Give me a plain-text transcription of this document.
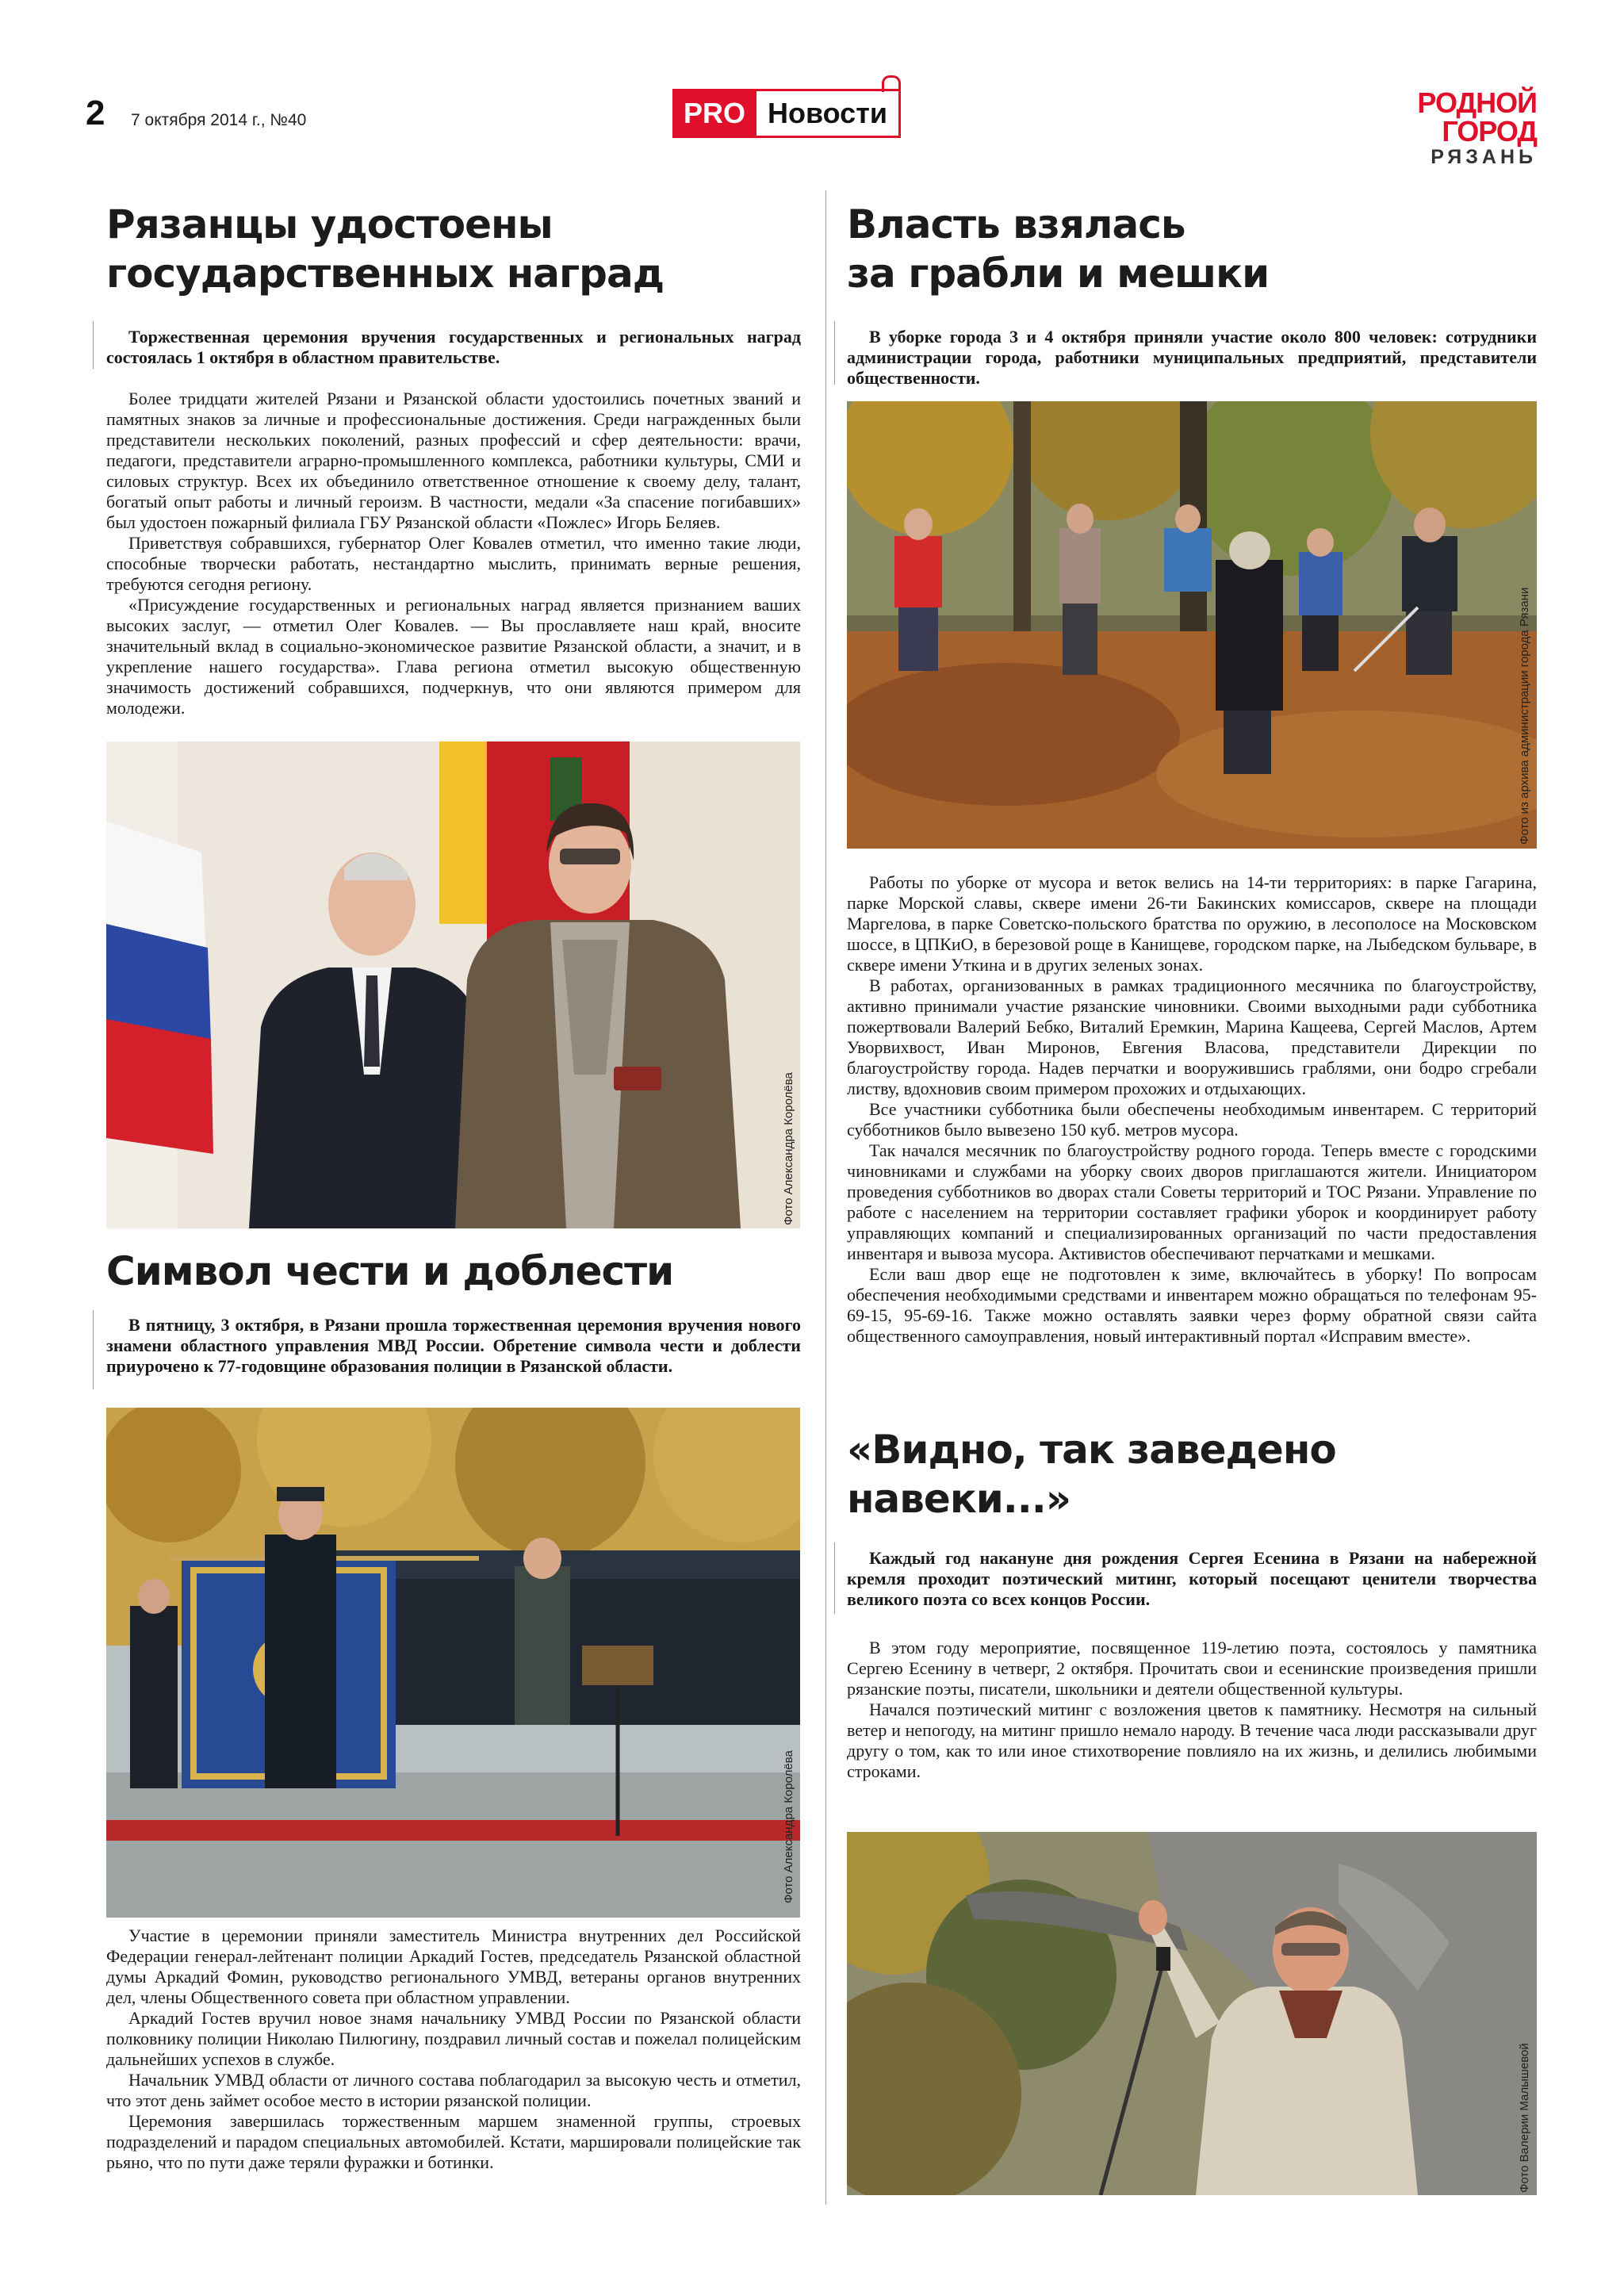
2 7 октября 2014 г., №40	PRO Новости	РОДНОЙ
ГОРОД
РЯЗАНЬ
Рязанцы удостоены
государственных наград

Торжественная церемония вручения государственных и региональных наград состоялась 1 октября в областном правительстве.

Более тридцати жителей Рязани и Рязанской области удостоились почетных званий и памятных знаков за личные и профессиональные достижения. Среди награжденных были представители нескольких поколений, разных профессий и сфер деятельности: врачи, педагоги, представители аграрно-промышленного комплекса, работники культуры, СМИ и силовых структур. Всех их объединило ответственное отношение к своему делу, талант, богатый опыт работы и личный героизм. В частности, медали «За спасение погибавших» был удостоен пожарный филиала ГБУ Рязанской области «Пожлес» Игорь Беляев.

Приветствуя собравшихся, губернатор Олег Ковалев отметил, что именно такие люди, способные творчески работать, нестандартно мыслить, принимать верные решения, требуются сегодня региону.

«Присуждение государственных и региональных наград является признанием ваших высоких заслуг, — отметил Олег Ковалев. — Вы прославляете наш край, вносите значительный вклад в социально-экономическое развитие Рязанской области, а значит, и в укрепление нашего государства». Глава региона отметил высокую общественную значимость достижений собравшихся, подчеркнув, что они являются примером для молодежи.

Фото Александра Королёва
Символ чести и доблести

В пятницу, 3 октября, в Рязани прошла торжественная церемония вручения нового знамени областного управления МВД России. Обретение символа чести и доблести приурочено к 77-годовщине образования полиции в Рязанской области.

Фото Александра Королёва

Участие в церемонии приняли заместитель Министра внутренних дел Российской Федерации генерал-лейтенант полиции Аркадий Гостев, председатель Рязанской областной думы Аркадий Фомин, руководство регионального УМВД, ветераны органов внутренних дел, члены Общественного совета при областном управлении.

Аркадий Гостев вручил новое знамя начальнику УМВД России по Рязанской области полковнику полиции Николаю Пилюгину, поздравил личный состав и пожелал полицейским дальнейших успехов в службе.

Начальник УМВД области от личного состава поблагодарил за высокую честь и отметил, что этот день займет особое место в истории рязанской полиции.

Церемония завершилась торжественным маршем знаменной группы, строевых подразделений и парадом специальных автомобилей. Кстати, маршировали полицейские так рьяно, что по пути даже теряли фуражки и ботинки.

Власть взялась
за грабли и мешки

В уборке города 3 и 4 октября приняли участие около 800 человек: сотрудники администрации города, работники муниципальных предприятий, представители общественности.

Фото из архива администрации города Рязани

Работы по уборке от мусора и веток велись на 14-ти территориях: в парке Гагарина, парке Морской славы, сквере имени 26-ти Бакинских комиссаров, сквере на площади Маргелова, в парке Советско-польского братства по оружию, в лесополосе на Московском шоссе, в ЦПКиО, в березовой роще в Канищеве, городском парке, на Лыбедском бульваре, в сквере имени Уткина и в других зеленых зонах.

В работах, организованных в рамках традиционного месячника по благоустройству, активно принимали участие рязанские чиновники. Своими выходными ради субботника пожертвовали Валерий Бебко, Виталий Еремкин, Марина Кащеева, Сергей Маслов, Артем Уворвихвост, Иван Миронов, Евгения Власова, представители Дирекции по благоустройству города. Надев перчатки и вооружившись граблями, они бодро сгребали листву, вдохновив своим примером прохожих и отдыхающих.

Все участники субботника были обеспечены необходимым инвентарем. С территорий субботников было вывезено 150 куб. метров мусора.

Так начался месячник по благоустройству родного города. Теперь вместе с городскими чиновниками и службами на уборку своих дворов приглашаются жители. Инициатором проведения субботников во дворах стали Советы территорий и ТОС Рязани. Управление по работе с населением на территории составляет графики уборок и координирует работу управляющих компаний и специализированных организаций по части предоставления инвентаря и вывоза мусора. Активистов обеспечивают перчатками и мешками.

Если ваш двор еще не подготовлен к зиме, включайтесь в уборку! По вопросам обеспечения необходимыми средствами и инвентарем можно обращаться по телефонам 95-69-15, 95-69-16. Также можно оставлять заявки через форму обратной связи сайта общественного самоуправления, новый интерактивный портал «Исправим вместе».

«Видно, так заведено
навеки...»

Каждый год накануне дня рождения Сергея Есенина в Рязани на набережной кремля проходит поэтический митинг, который посещают ценители творчества великого поэта со всех концов России.

В этом году мероприятие, посвященное 119-летию поэта, состоялось у памятника Сергею Есенину в четверг, 2 октября. Прочитать свои и есенинские произведения пришли рязанские поэты, писатели, школьники и деятели общественной культуры.

Начался поэтический митинг с возложения цветов к памятнику. Несмотря на сильный ветер и непогоду, на митинг пришло немало народу. В течение часа люди рассказывали друг другу о том, как то или иное стихотворение повлияло на их жизнь, и делились любимыми строками.

Фото Валерии Малышевой
